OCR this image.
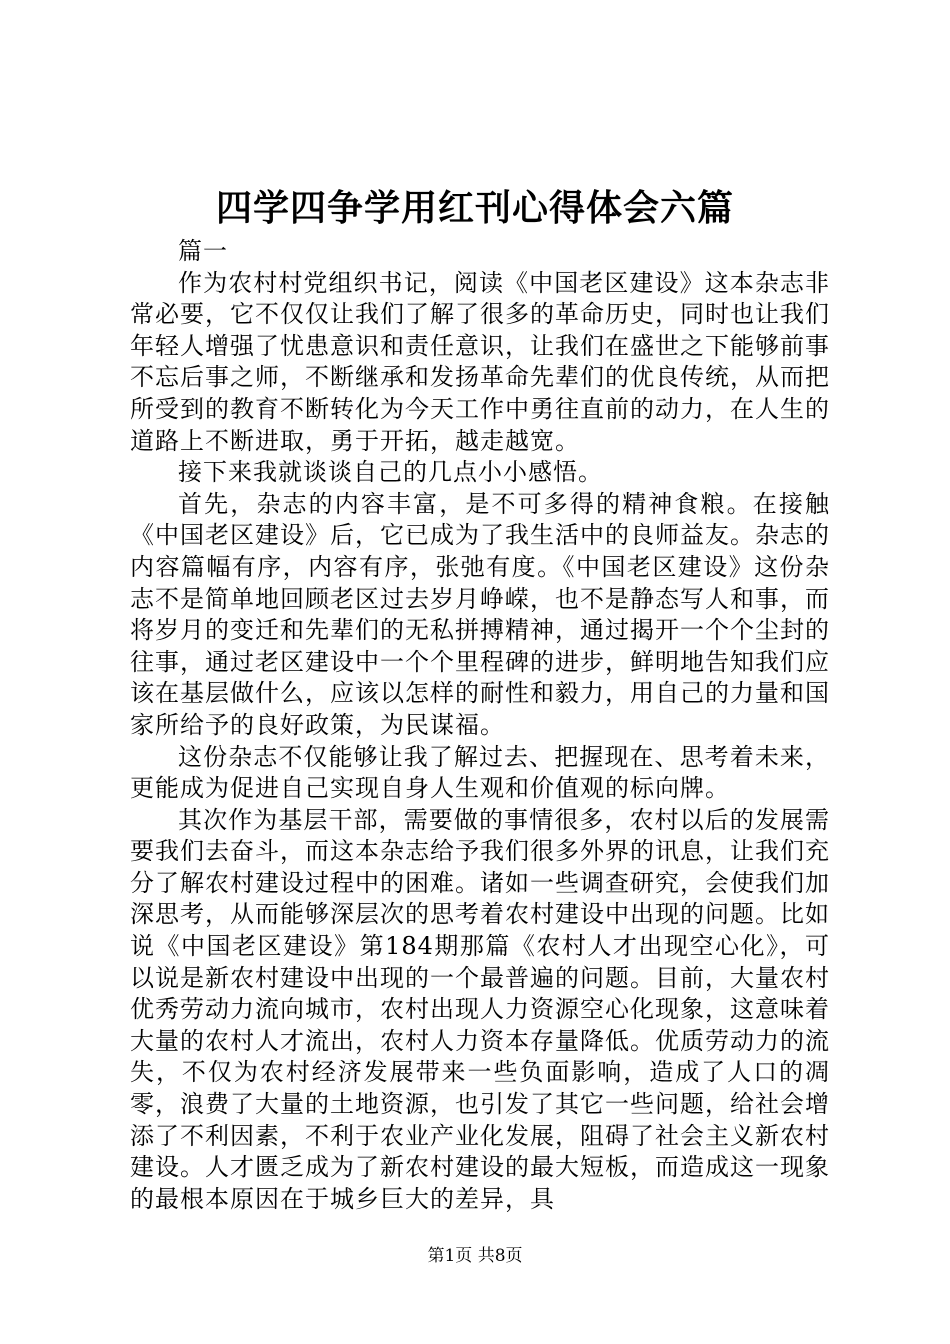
四学四争学用红刊心得体会六篇

篇一

作为农村村党组织书记，阅读《中国老区建设》这本杂志非常必要，它不仅仅让我们了解了很多的革命历史，同时也让我们年轻人增强了忧患意识和责任意识，让我们在盛世之下能够前事不忘后事之师，不断继承和发扬革命先辈们的优良传统，从而把所受到的教育不断转化为今天工作中勇往直前的动力，在人生的道路上不断进取，勇于开拓，越走越宽。

接下来我就谈谈自己的几点小小感悟。

首先，杂志的内容丰富，是不可多得的精神食粮。在接触《中国老区建设》后，它已成为了我生活中的良师益友。杂志的内容篇幅有序，内容有序，张弛有度。《中国老区建设》这份杂志不是简单地回顾老区过去岁月峥嵘，也不是静态写人和事，而将岁月的变迁和先辈们的无私拼搏精神，通过揭开一个个尘封的往事，通过老区建设中一个个里程碑的进步，鲜明地告知我们应该在基层做什么，应该以怎样的耐性和毅力，用自己的力量和国家所给予的良好政策，为民谋福。

这份杂志不仅能够让我了解过去、把握现在、思考着未来，更能成为促进自己实现自身人生观和价值观的标向牌。

其次作为基层干部，需要做的事情很多，农村以后的发展需要我们去奋斗，而这本杂志给予我们很多外界的讯息，让我们充分了解农村建设过程中的困难。诸如一些调查研究，会使我们加深思考，从而能够深层次的思考着农村建设中出现的问题。比如说《中国老区建设》第184期那篇《农村人才出现空心化》，可以说是新农村建设中出现的一个最普遍的问题。目前，大量农村优秀劳动力流向城市，农村出现人力资源空心化现象，这意味着大量的农村人才流出，农村人力资本存量降低。优质劳动力的流失，不仅为农村经济发展带来一些负面影响，造成了人口的凋零，浪费了大量的土地资源，也引发了其它一些问题，给社会增添了不利因素，不利于农业产业化发展，阻碍了社会主义新农村建设。人才匮乏成为了新农村建设的最大短板，而造成这一现象的最根本原因在于城乡巨大的差异，具

第1页 共8页
